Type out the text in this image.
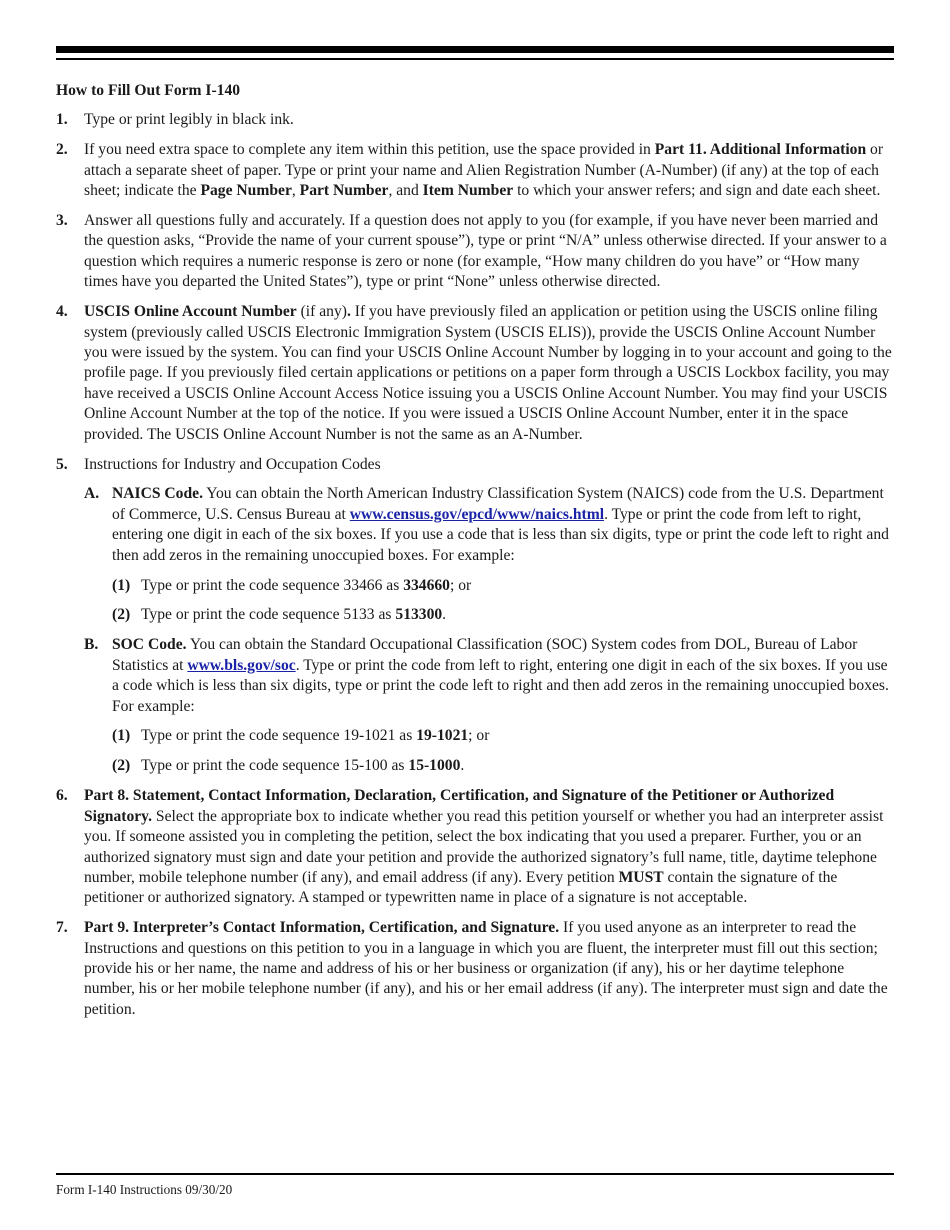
How to Fill Out Form I-140
1.	Type or print legibly in black ink.
2.	If you need extra space to complete any item within this petition, use the space provided in Part 11. Additional Information or attach a separate sheet of paper. Type or print your name and Alien Registration Number (A-Number) (if any) at the top of each sheet; indicate the Page Number, Part Number, and Item Number to which your answer refers; and sign and date each sheet.
3.	Answer all questions fully and accurately. If a question does not apply to you (for example, if you have never been married and the question asks, “Provide the name of your current spouse”), type or print “N/A” unless otherwise directed. If your answer to a question which requires a numeric response is zero or none (for example, “How many children do you have” or “How many times have you departed the United States”), type or print “None” unless otherwise directed.
4.	USCIS Online Account Number (if any). If you have previously filed an application or petition using the USCIS online filing system (previously called USCIS Electronic Immigration System (USCIS ELIS)), provide the USCIS Online Account Number you were issued by the system. You can find your USCIS Online Account Number by logging in to your account and going to the profile page. If you previously filed certain applications or petitions on a paper form through a USCIS Lockbox facility, you may have received a USCIS Online Account Access Notice issuing you a USCIS Online Account Number. You may find your USCIS Online Account Number at the top of the notice. If you were issued a USCIS Online Account Number, enter it in the space provided. The USCIS Online Account Number is not the same as an A-Number.
5.	Instructions for Industry and Occupation Codes
A. NAICS Code. You can obtain the North American Industry Classification System (NAICS) code from the U.S. Department of Commerce, U.S. Census Bureau at www.census.gov/epcd/www/naics.html. Type or print the code from left to right, entering one digit in each of the six boxes. If you use a code that is less than six digits, type or print the code left to right and then add zeros in the remaining unoccupied boxes. For example:
(1) Type or print the code sequence 33466 as 334660; or
(2) Type or print the code sequence 5133 as 513300.
B. SOC Code. You can obtain the Standard Occupational Classification (SOC) System codes from DOL, Bureau of Labor Statistics at www.bls.gov/soc. Type or print the code from left to right, entering one digit in each of the six boxes. If you use a code which is less than six digits, type or print the code left to right and then add zeros in the remaining unoccupied boxes. For example:
(1) Type or print the code sequence 19-1021 as 19-1021; or
(2) Type or print the code sequence 15-100 as 15-1000.
6.	Part 8. Statement, Contact Information, Declaration, Certification, and Signature of the Petitioner or Authorized Signatory. Select the appropriate box to indicate whether you read this petition yourself or whether you had an interpreter assist you. If someone assisted you in completing the petition, select the box indicating that you used a preparer. Further, you or an authorized signatory must sign and date your petition and provide the authorized signatory’s full name, title, daytime telephone number, mobile telephone number (if any), and email address (if any). Every petition MUST contain the signature of the petitioner or authorized signatory. A stamped or typewritten name in place of a signature is not acceptable.
7.	Part 9. Interpreter’s Contact Information, Certification, and Signature. If you used anyone as an interpreter to read the Instructions and questions on this petition to you in a language in which you are fluent, the interpreter must fill out this section; provide his or her name, the name and address of his or her business or organization (if any), his or her daytime telephone number, his or her mobile telephone number (if any), and his or her email address (if any). The interpreter must sign and date the petition.
Form I-140 Instructions 09/30/20
